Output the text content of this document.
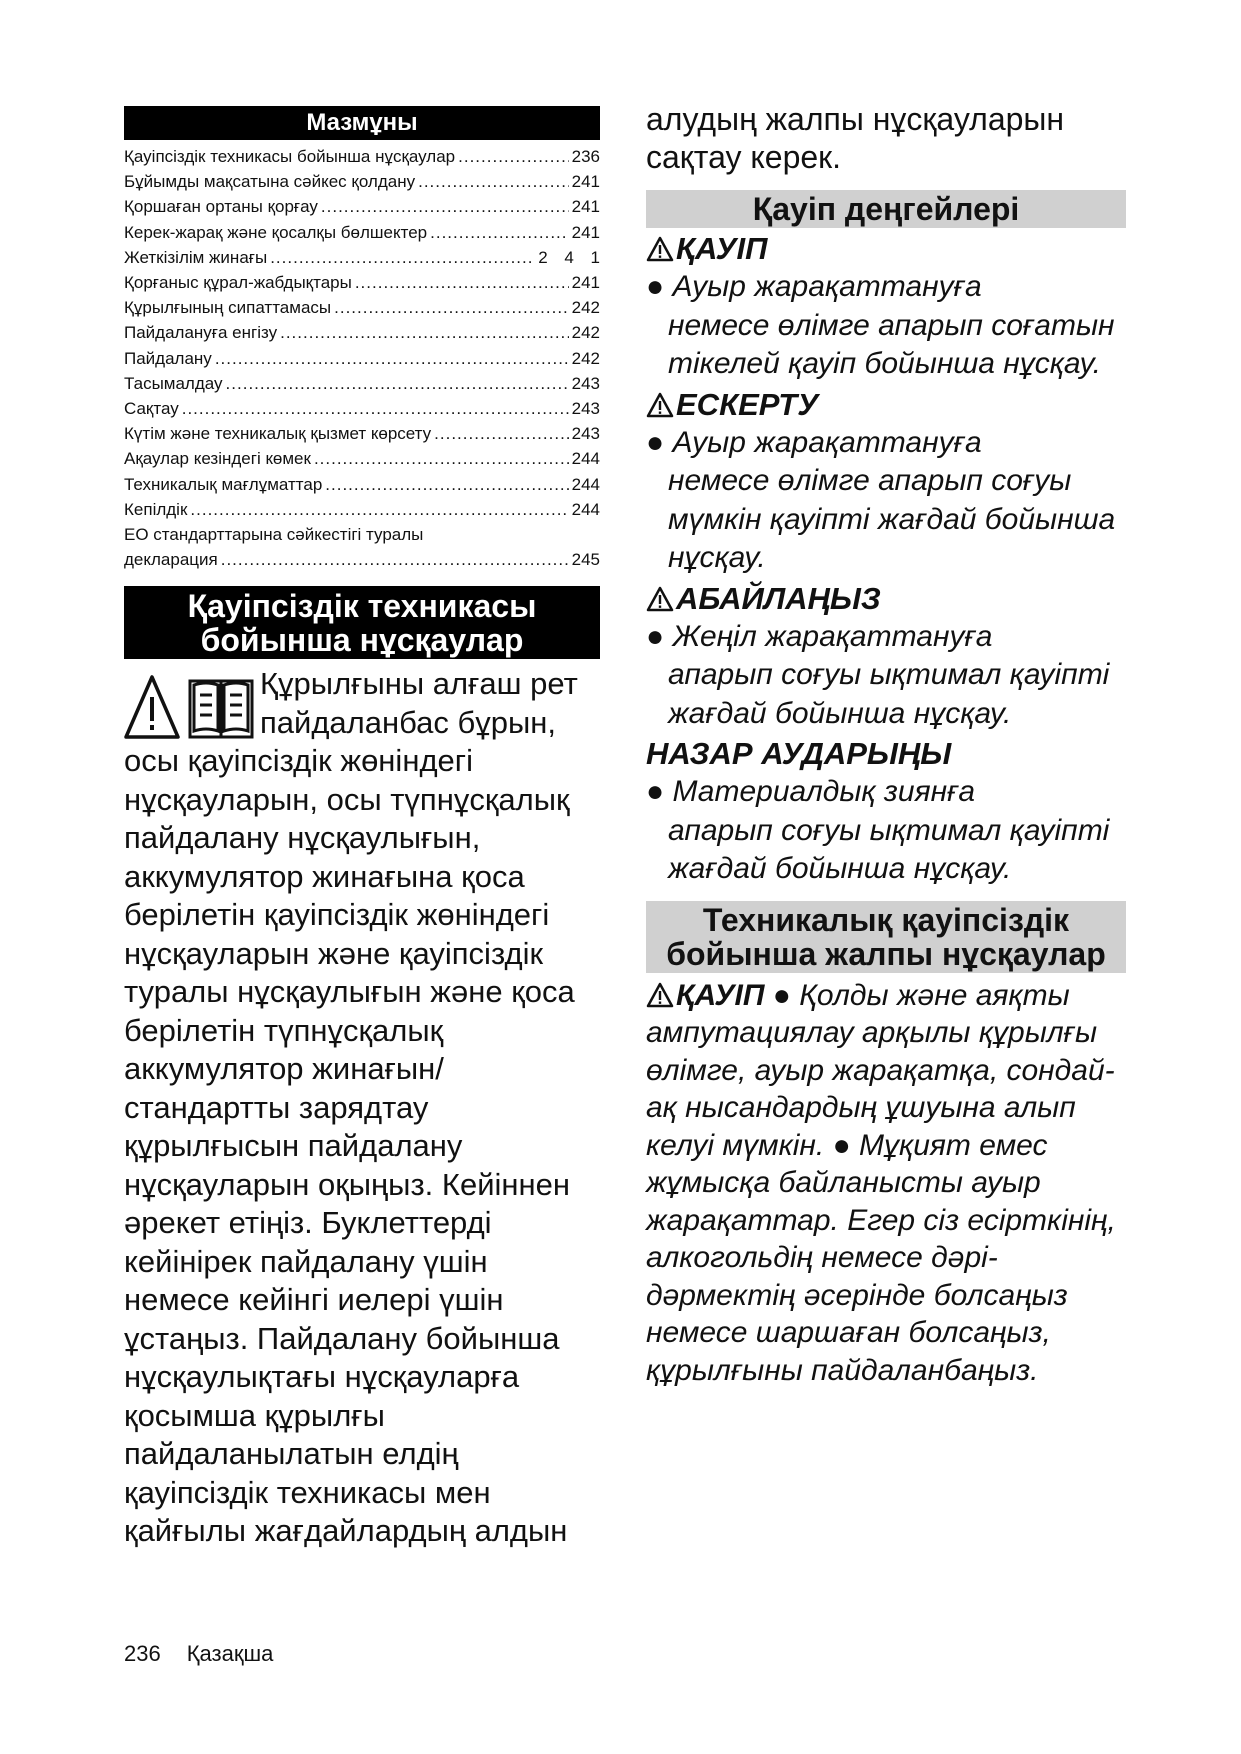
Мазмұны
Қауіпсіздік техникасы бойынша нұсқаулар .....	236
Бұйымды мақсатына сәйкес қолдану .....	241
Қоршаған ортаны қорғау .....	241
Керек-жарақ және қосалқы бөлшектер .....	241
Жеткізілім жинағы .....	2 4 1
Қорғаныс құрал-жабдықтары .....	241
Құрылғының сипаттамасы .....	242
Пайдалануға енгізу .....	242
Пайдалану .....	242
Тасымалдау .....	243
Сақтау .....	243
Күтім және техникалық қызмет көрсету .....	243
Ақаулар кезіндегі көмек .....	244
Техникалық мағлұматтар .....	244
Кепілдік .....	244
ЕО стандарттарына сәйкестігі туралы
декларация .....	245
Қауіпсіздік техникасы
бойынша нұсқаулар
Құрылғыны алғаш рет
пайдаланбас бұрын,
осы қауіпсіздік жөніндегі нұсқауларын, осы түпнұсқалық пайдалану нұсқаулығын, аккумулятор жинағына қоса берілетін қауіпсіздік жөніндегі нұсқауларын және қауіпсіздік туралы нұсқаулығын және қоса берілетін түпнұсқалық аккумулятор жинағын/ стандартты зарядтау құрылғысын пайдалану нұсқауларын оқыңыз. Кейіннен әрекет етіңіз. Буклеттерді кейінірек пайдалану үшін немесе кейінгі иелері үшін ұстаңыз. Пайдалану бойынша нұсқаулықтағы нұсқауларға қосымша құрылғы пайдаланылатын елдің қауіпсіздік техникасы мен қайғылы жағдайлардың алдын
алудың жалпы нұсқауларын сақтау керек.
Қауіп деңгейлері
ҚАУІП
● Ауыр жарақаттануға
немесе өлімге апарып соғатын тікелей қауіп бойынша нұсқау.
ЕСКЕРТУ
● Ауыр жарақаттануға
немесе өлімге апарып соғуы мүмкін қауіпті жағдай бойынша нұсқау.
АБАЙЛАҢЫЗ
● Жеңіл жарақаттануға
апарып соғуы ықтимал қауіпті жағдай бойынша нұсқау.
НАЗАР АУДАРЫҢЫ
● Материалдық зиянға
апарып соғуы ықтимал қауіпті жағдай бойынша нұсқау.
Техникалық қауіпсіздік
бойынша жалпы нұсқаулар
ҚАУІП ● Қолды және аяқты ампутациялау арқылы құрылғы өлімге, ауыр жарақатқа, сондай-ақ нысандардың ұшуына алып келуі мүмкін. ● Мұқият емес жұмысқа байланысты ауыр жарақаттар. Егер сіз есірткінің, алкогольдің немесе дәрі-дәрмектің әсерінде болсаңыз немесе шаршаған болсаңыз, құрылғыны пайдаланбаңыз.
236 Қазақша
